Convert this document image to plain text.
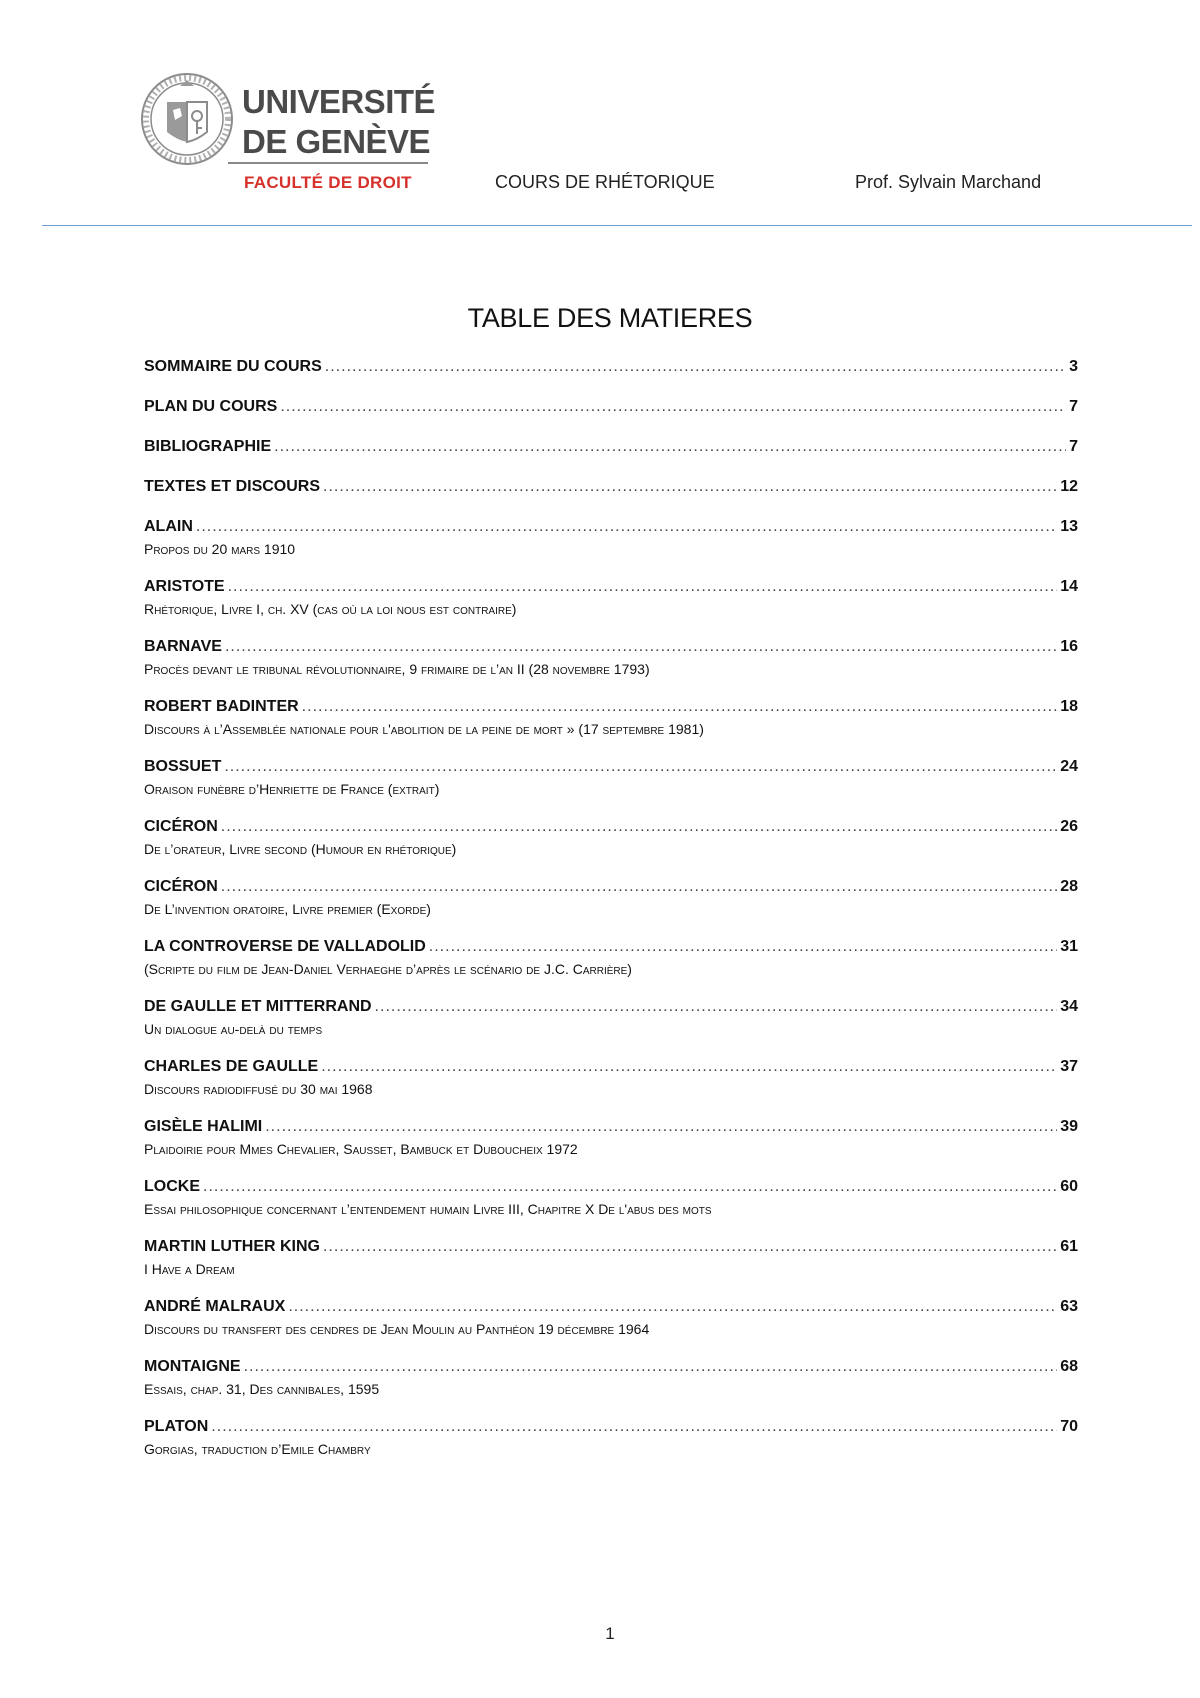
UNIVERSITÉ
DE GENÈVE
FACULTÉ DE DROIT	COURS DE RHÉTORIQUE	Prof. Sylvain Marchand
TABLE DES MATIERES
SOMMAIRE DU COURS .....	3
PLAN DU COURS .....	7
BIBLIOGRAPHIE .....	7
TEXTES ET DISCOURS .....	12
ALAIN .....	13
Propos du 20 mars 1910
ARISTOTE .....	14
Rhétorique, Livre I, ch. XV (cas où la loi nous est contraire)
BARNAVE .....	16
Procès devant le tribunal révolutionnaire, 9 frimaire de l’an II (28 novembre 1793)
ROBERT BADINTER .....	18
Discours à l’Assemblée nationale pour l'abolition de la peine de mort » (17 septembre 1981)
BOSSUET .....	24
Oraison funèbre d’Henriette de France (extrait)
CICÉRON .....	26
De l’orateur, Livre second (Humour en rhétorique)
CICÉRON .....	28
De L’invention oratoire, Livre premier (Exorde)
LA CONTROVERSE DE VALLADOLID .....	31
(Scripte du film de Jean-Daniel Verhaeghe d’après le scénario de J.C. Carrière)
DE GAULLE ET MITTERRAND .....	34
Un dialogue au-delà du temps
CHARLES DE GAULLE .....	37
Discours radiodiffusé du 30 mai 1968
GISÈLE HALIMI .....	39
Plaidoirie pour Mmes Chevalier, Sausset, Bambuck et Duboucheix 1972
LOCKE .....	60
Essai philosophique concernant l’entendement humain Livre III, Chapitre X De l'abus des mots
MARTIN LUTHER KING .....	61
I Have a Dream
ANDRÉ MALRAUX .....	63
Discours du transfert des cendres de Jean Moulin au Panthéon 19 décembre 1964
MONTAIGNE .....	68
Essais, chap. 31, Des cannibales, 1595
PLATON .....	70
Gorgias, traduction d’Emile Chambry
1
